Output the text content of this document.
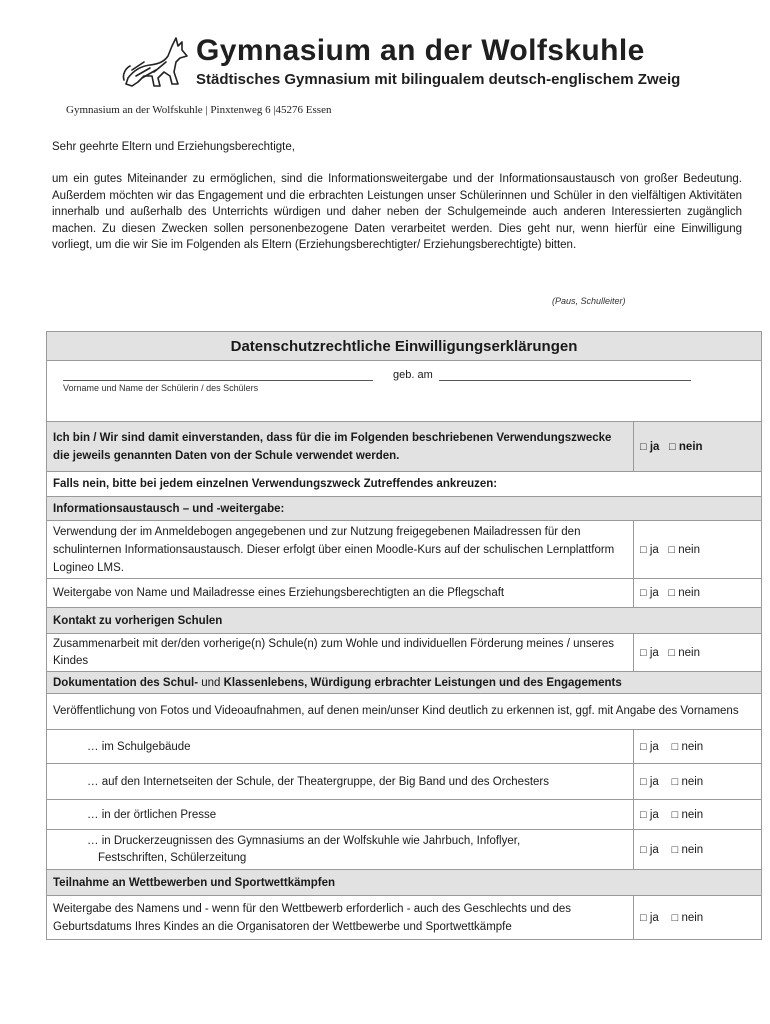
Gymnasium an der Wolfskuhle
Städtisches Gymnasium mit bilingualem deutsch-englischem Zweig
Gymnasium an der Wolfskuhle | Pinxtenweg 6 |45276 Essen
Sehr geehrte Eltern und Erziehungsberechtigte,
um ein gutes Miteinander zu ermöglichen, sind die Informationsweitergabe und der Informationsaustausch von großer Bedeutung. Außerdem möchten wir das Engagement und die erbrachten Leistungen unser Schülerinnen und Schüler in den vielfältigen Aktivitäten innerhalb und außerhalb des Unterrichts würdigen und daher neben der Schulgemeinde auch anderen Interessierten zugänglich machen. Zu diesen Zwecken sollen personenbezogene Daten verarbeitet werden. Dies geht nur, wenn hierfür eine Einwilligung vorliegt, um die wir Sie im Folgenden als Eltern (Erziehungsberechtigter/ Erziehungsberechtigte) bitten.
(Paus, Schulleiter)
Datenschutzrechtliche Einwilligungserklärungen	

Vorname und Name der Schülerin / des Schülers
geb. am	

Ich bin / Wir sind damit einverstanden, dass für die im Folgenden beschriebenen Verwendungszwecke die jeweils genannten Daten von der Schule verwendet werden.	□ ja □ nein
Falls nein, bitte bei jedem einzelnen Verwendungszweck Zutreffendes ankreuzen:	
Informationsaustausch – und -weitergabe:	
Verwendung der im Anmeldebogen angegebenen und zur Nutzung freigegebenen Mailadressen für den schulinternen Informationsaustausch. Dieser erfolgt über einen Moodle-Kurs auf der schulischen Lernplattform Logineo LMS.	□ ja □ nein
Weitergabe von Name und Mailadresse eines Erziehungsberechtigten an die Pflegschaft	□ ja □ nein
Kontakt zu vorherigen Schulen	
Zusammenarbeit mit der/den vorherige(n) Schule(n) zum Wohle und individuellen Förderung meines / unseres Kindes	□ ja □ nein
Dokumentation des Schul- und Klassenlebens, Würdigung erbrachter Leistungen und des Engagements	
Veröffentlichung von Fotos und Videoaufnahmen, auf denen mein/unser Kind deutlich zu erkennen ist, ggf. mit Angabe des Vornamens	
… im Schulgebäude	□ ja □ nein
… auf den Internetseiten der Schule, der Theatergruppe, der Big Band und des Orchesters	□ ja □ nein
… in der örtlichen Presse	□ ja □ nein
… in Druckerzeugnissen des Gymnasiums an der Wolfskuhle wie Jahrbuch, Infoflyer,
Festschriften, Schülerzeitung	□ ja □ nein
Teilnahme an Wettbewerben und Sportwettkämpfen	
Weitergabe des Namens und - wenn für den Wettbewerb erforderlich - auch des Geschlechts und des Geburtsdatums Ihres Kindes an die Organisatoren der Wettbewerbe und Sportwettkämpfe	□ ja □ nein
